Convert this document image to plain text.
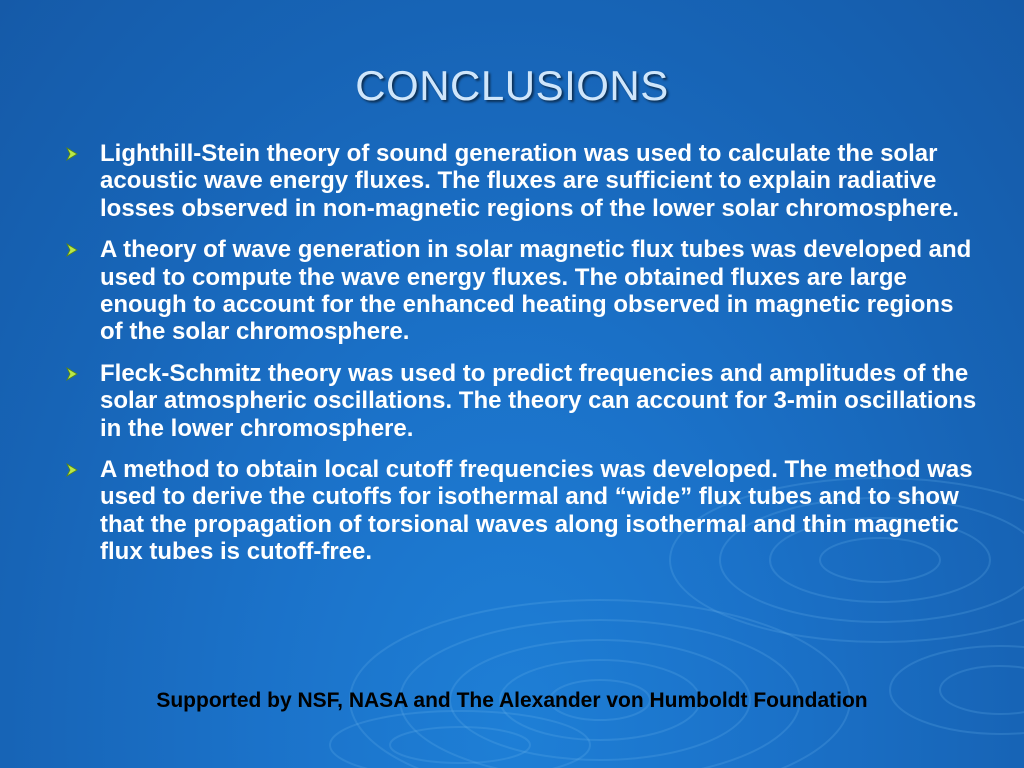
CONCLUSIONS
Lighthill-Stein theory of sound generation was used to calculate the solar acoustic wave energy fluxes. The fluxes are sufficient to explain radiative losses observed in non-magnetic regions of the lower solar chromosphere.
A theory of wave generation in solar magnetic flux tubes was developed and used to compute the wave energy fluxes. The obtained fluxes are large enough to account for the enhanced heating observed in magnetic regions of the solar chromosphere.
Fleck-Schmitz theory was used to predict frequencies and amplitudes of the solar atmospheric oscillations. The theory can account for 3-min oscillations in the lower chromosphere.
A method to obtain local cutoff frequencies was developed. The method was used to derive the cutoffs for isothermal and “wide” flux tubes and to show that the propagation of torsional waves along isothermal and thin magnetic flux tubes is cutoff-free.

Supported by NSF, NASA and The Alexander von Humboldt Foundation
